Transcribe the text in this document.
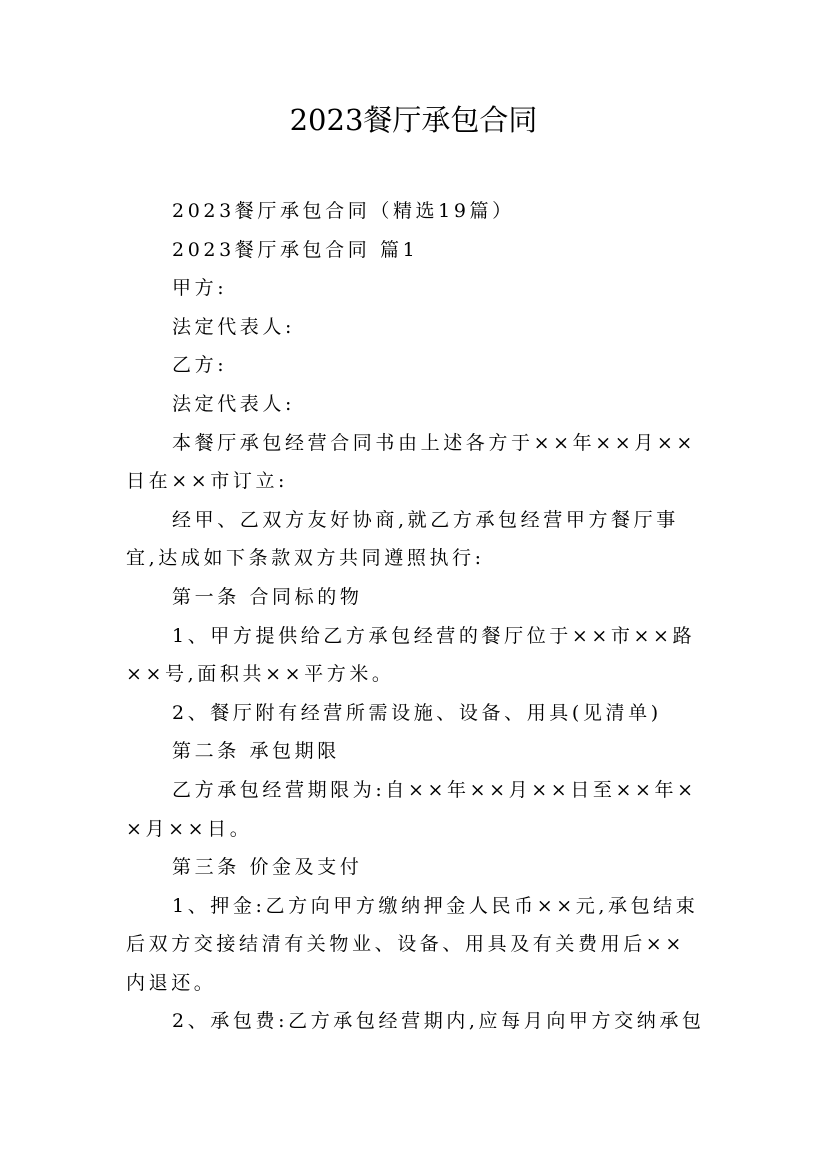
2023餐厅承包合同

2023餐厅承包合同（精选19篇）

2023餐厅承包合同 篇1

甲方:

法定代表人:

乙方:

法定代表人:

本餐厅承包经营合同书由上述各方于××年××月××日在××市订立:

经甲、乙双方友好协商,就乙方承包经营甲方餐厅事宜,达成如下条款双方共同遵照执行:

第一条 合同标的物

1、甲方提供给乙方承包经营的餐厅位于××市××路××号,面积共××平方米。

2、餐厅附有经营所需设施、设备、用具(见清单)

第二条 承包期限

乙方承包经营期限为:自××年××月××日至××年××月××日。

第三条 价金及支付

1、押金:乙方向甲方缴纳押金人民币××元,承包结束后双方交接结清有关物业、设备、用具及有关费用后××内退还。

2、承包费:乙方承包经营期内,应每月向甲方交纳承包
